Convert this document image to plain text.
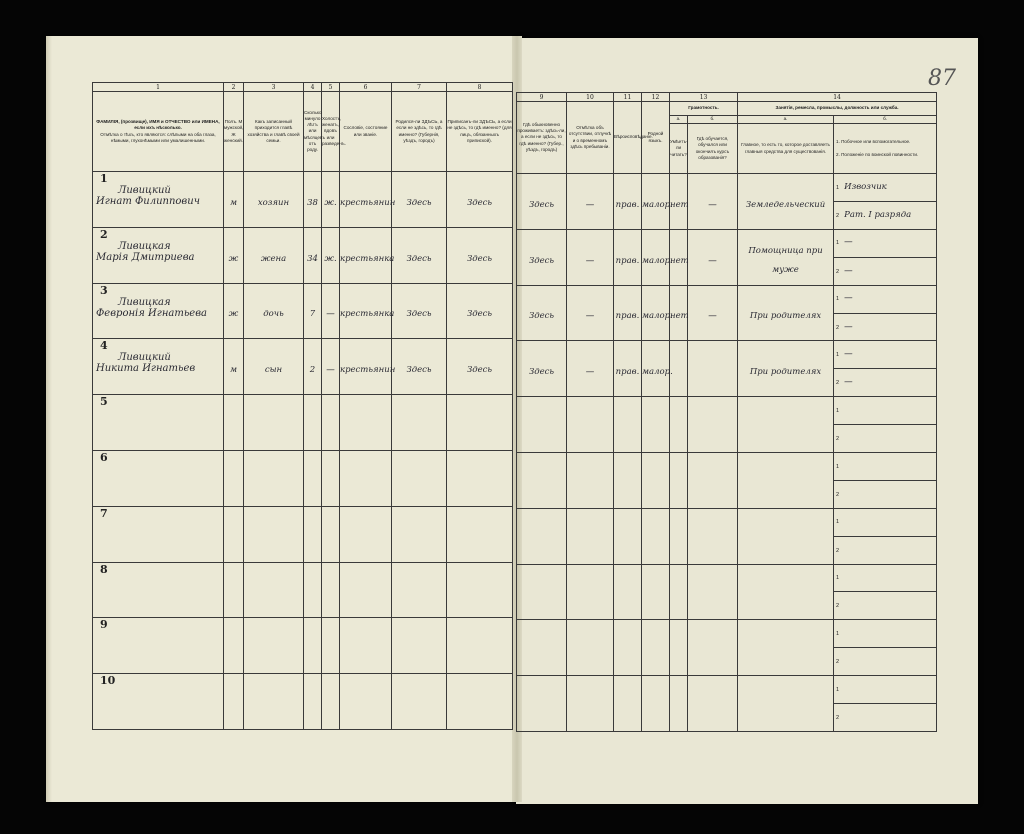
87
1	2	3	4	5	6	7	8
ФАМИЛІЯ, (прозвище), ИМЯ и ОТЧЕСТВО или ИМЕНА, если ихъ нѣсколько.
Отмѣтка о тѣхъ, кто являются: слѣпыми на оба глаза, нѣмыми, глухонѣмыми или умалишенными.	Полъ. М мужской, Ж женский.	Какъ записанный приходится главѣ хозяйства и главѣ своей семьи.	Сколько минуло лѣтъ или мѣсяцевъ отъ роду.	Холостъ, женатъ, вдовъ или разведенъ.	Сословіе, состояние или званіе.	Родился-ли ЗДѢСЬ, а если не здѣсь, то гдѣ именно? (Губернія, уѣздъ, городъ)	Приписанъ-ли ЗДѢСЬ, а если не здѣсь, то гдѣ именно? (для лицъ, обязанныхъ припиской).

1
Ливицкий
Игнат Филиппович	м	хозяин	38	ж.	крестьянин	Здесь	Здесь

2
Ливицкая
Марія Дмитриева	ж	жена	34	ж.	крестьянка	Здесь	Здесь

3
Ливицкая
Февронія Игнатьева	ж	дочь	7	—	крестьянка	Здесь	Здесь

4
Ливицкий
Никита Игнатьев	м	сын	2	—	крестьянин	Здесь	Здесь

5							

6							

7							

8							

9							

10							

9	10	11	12	13		14	
Гдѣ обыкновенно проживаетъ: здѣсь-ли, а если не здѣсь, то гдѣ именно? (Губер., уѣздъ, городъ)	Отмѣтка объ отсутствии, отлучкѣ и о временномъ здѣсь пребываніи.	Вѣроисповѣданіе.	Родной языкъ.	Грамотность.		Занятія, ремесла, промыслы, должность или служба.	
				а.	б.	а.	б.
				Умѣетъ-ли читать?	Гдѣ обучается, обучался или окончилъ курсъ образованія?	Главное, то есть то, которое доставляетъ главныя средства для существованія.	1. Побочное или вспомогательное.

2. Положеніе по воинской повинности.
Здесь	—	прав.	малор.	нет	—	Земледельческий	1 Извозчик
2 Рат. I разряда

Здесь	—	прав.	малор.	нет	—	Помощница при муже	1 —
2 —

Здесь	—	прав.	малор.	нет	—	При родителях	1 —
2 —

Здесь	—	прав.	малор.			При родителях	1 —
2 —

							1
2

							1
2

							1
2

							1
2

							1
2

							1
2
